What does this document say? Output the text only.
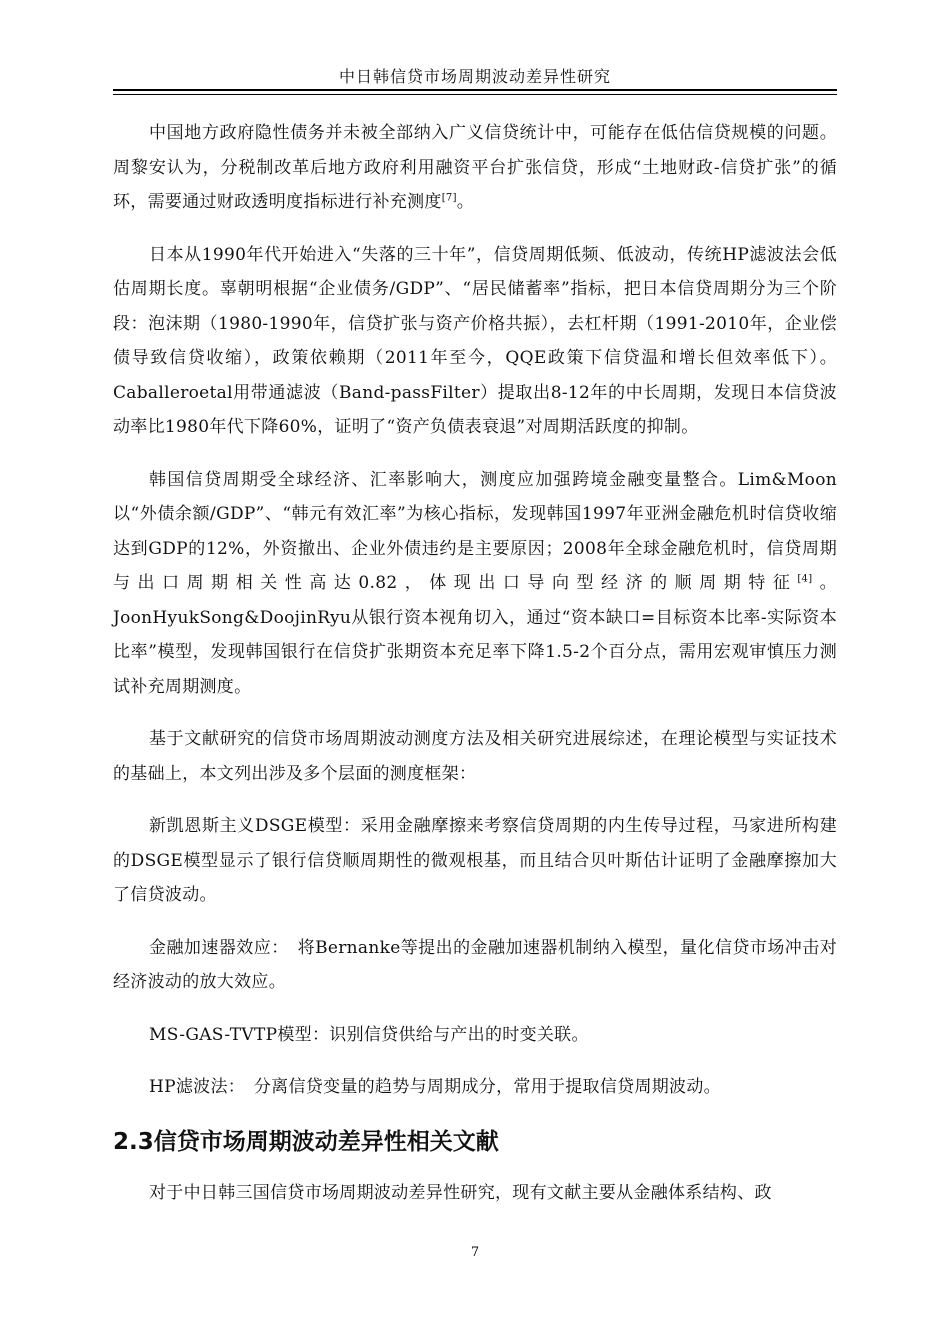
中日韩信贷市场周期波动差异性研究

中国地方政府隐性债务并未被全部纳入广义信贷统计中，可能存在低估信贷规模的问题。周黎安认为，分税制改革后地方政府利用融资平台扩张信贷，形成“土地财政-信贷扩张”的循环，需要通过财政透明度指标进行补充测度[7]。

日本从1990年代开始进入“失落的三十年”，信贷周期低频、低波动，传统HP滤波法会低估周期长度。辜朝明根据“企业债务/GDP”、“居民储蓄率”指标，把日本信贷周期分为三个阶段：泡沫期（1980-1990年，信贷扩张与资产价格共振），去杠杆期（1991-2010年，企业偿债导致信贷收缩），政策依赖期（2011年至今，QQE政策下信贷温和增长但效率低下）。Caballeroetal用带通滤波（Band-passFilter）提取出8-12年的中长周期，发现日本信贷波动率比1980年代下降60%，证明了“资产负债表衰退”对周期活跃度的抑制。

韩国信贷周期受全球经济、汇率影响大，测度应加强跨境金融变量整合。Lim&Moon以“外债余额/GDP”、“韩元有效汇率”为核心指标，发现韩国1997年亚洲金融危机时信贷收缩达到GDP的12%，外资撤出、企业外债违约是主要原因；2008年全球金融危机时，信贷周期与出口周期相关性高达0.82，体现出口导向型经济的顺周期特征[4]。JoonHyukSong&DoojinRyu从银行资本视角切入，通过“资本缺口=目标资本比率-实际资本比率”模型，发现韩国银行在信贷扩张期资本充足率下降1.5-2个百分点，需用宏观审慎压力测试补充周期测度。

基于文献研究的信贷市场周期波动测度方法及相关研究进展综述，在理论模型与实证技术的基础上，本文列出涉及多个层面的测度框架：

新凯恩斯主义DSGE模型：采用金融摩擦来考察信贷周期的内生传导过程，马家进所构建的DSGE模型显示了银行信贷顺周期性的微观根基，而且结合贝叶斯估计证明了金融摩擦加大了信贷波动。

金融加速器效应：　将Bernanke等提出的金融加速器机制纳入模型，量化信贷市场冲击对经济波动的放大效应。

MS-GAS-TVTP模型：识别信贷供给与产出的时变关联。

HP滤波法：　分离信贷变量的趋势与周期成分，常用于提取信贷周期波动。

2.3信贷市场周期波动差异性相关文献

对于中日韩三国信贷市场周期波动差异性研究，现有文献主要从金融体系结构、政

7
